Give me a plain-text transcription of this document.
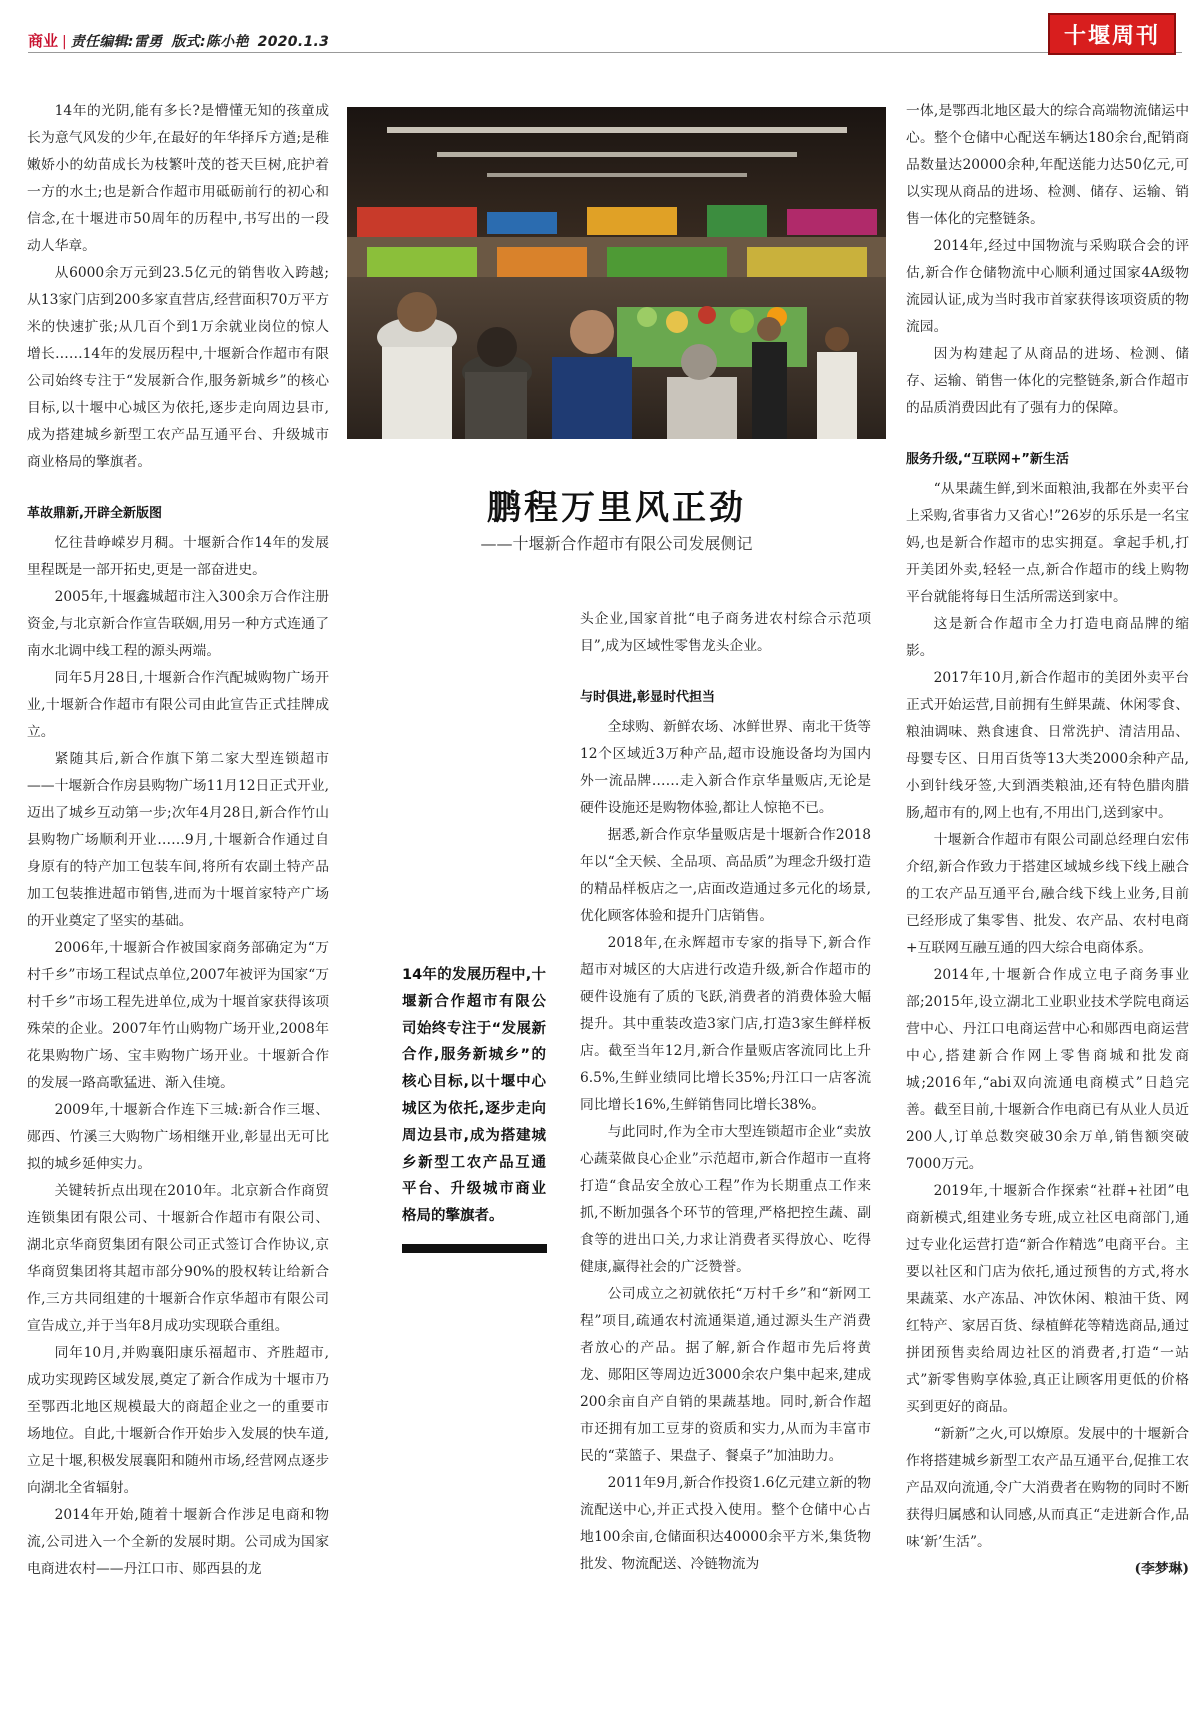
商业 | 责任编辑:雷勇 版式:陈小艳 2020.1.3	十堰周刊

14年的光阴,能有多长?是懵懂无知的孩童成长为意气风发的少年,在最好的年华择斥方遒;是稚嫩娇小的幼苗成长为枝繁叶茂的苍天巨树,庇护着一方的水土;也是新合作超市用砥砺前行的初心和信念,在十堰进市50周年的历程中,书写出的一段动人华章。

从6000余万元到23.5亿元的销售收入跨越;从13家门店到200多家直营店,经营面积70万平方米的快速扩张;从几百个到1万余就业岗位的惊人增长……14年的发展历程中,十堰新合作超市有限公司始终专注于“发展新合作,服务新城乡”的核心目标,以十堰中心城区为依托,逐步走向周边县市,成为搭建城乡新型工农产品互通平台、升级城市商业格局的擎旗者。

革故鼎新,开辟全新版图

忆往昔峥嵘岁月稠。十堰新合作14年的发展里程既是一部开拓史,更是一部奋进史。

2005年,十堰鑫城超市注入300余万合作注册资金,与北京新合作宣告联姻,用另一种方式连通了南水北调中线工程的源头两端。

同年5月28日,十堰新合作汽配城购物广场开业,十堰新合作超市有限公司由此宣告正式挂牌成立。

紧随其后,新合作旗下第二家大型连锁超市——十堰新合作房县购物广场11月12日正式开业,迈出了城乡互动第一步;次年4月28日,新合作竹山县购物广场顺利开业……9月,十堰新合作通过自身原有的特产加工包装车间,将所有农副土特产品加工包装推进超市销售,进而为十堰首家特产广场的开业奠定了坚实的基础。

2006年,十堰新合作被国家商务部确定为“万村千乡”市场工程试点单位,2007年被评为国家“万村千乡”市场工程先进单位,成为十堰首家获得该项殊荣的企业。2007年竹山购物广场开业,2008年花果购物广场、宝丰购物广场开业。十堰新合作的发展一路高歌猛进、渐入佳境。

2009年,十堰新合作连下三城:新合作三堰、郧西、竹溪三大购物广场相继开业,彰显出无可比拟的城乡延伸实力。

关键转折点出现在2010年。北京新合作商贸连锁集团有限公司、十堰新合作超市有限公司、湖北京华商贸集团有限公司正式签订合作协议,京华商贸集团将其超市部分90%的股权转让给新合作,三方共同组建的十堰新合作京华超市有限公司宣告成立,并于当年8月成功实现联合重组。

同年10月,并购襄阳康乐福超市、齐胜超市,成功实现跨区域发展,奠定了新合作成为十堰市乃至鄂西北地区规模最大的商超企业之一的重要市场地位。自此,十堰新合作开始步入发展的快车道,立足十堰,积极发展襄阳和随州市场,经营网点逐步向湖北全省辐射。

2014年开始,随着十堰新合作涉足电商和物流,公司进入一个全新的发展时期。公司成为国家电商进农村——丹江口市、郧西县的龙

鹏程万里风正劲
——十堰新合作超市有限公司发展侧记
14年的发展历程中,十堰新合作超市有限公司始终专注于“发展新合作,服务新城乡”的核心目标,以十堰中心城区为依托,逐步走向周边县市,成为搭建城乡新型工农产品互通平台、升级城市商业格局的擎旗者。

头企业,国家首批“电子商务进农村综合示范项目”,成为区域性零售龙头企业。

与时俱进,彰显时代担当

全球购、新鲜农场、冰鲜世界、南北干货等12个区域近3万种产品,超市设施设备均为国内外一流品牌……走入新合作京华量贩店,无论是硬件设施还是购物体验,都让人惊艳不已。

据悉,新合作京华量贩店是十堰新合作2018年以“全天候、全品项、高品质”为理念升级打造的精品样板店之一,店面改造通过多元化的场景,优化顾客体验和提升门店销售。

2018年,在永辉超市专家的指导下,新合作超市对城区的大店进行改造升级,新合作超市的硬件设施有了质的飞跃,消费者的消费体验大幅提升。其中重装改造3家门店,打造3家生鲜样板店。截至当年12月,新合作量贩店客流同比上升6.5%,生鲜业绩同比增长35%;丹江口一店客流同比增长16%,生鲜销售同比增长38%。

与此同时,作为全市大型连锁超市企业“卖放心蔬菜做良心企业”示范超市,新合作超市一直将打造“食品安全放心工程”作为长期重点工作来抓,不断加强各个环节的管理,严格把控生蔬、副食等的进出口关,力求让消费者买得放心、吃得健康,赢得社会的广泛赞誉。

公司成立之初就依托“万村千乡”和“新网工程”项目,疏通农村流通渠道,通过源头生产消费者放心的产品。据了解,新合作超市先后将黄龙、郧阳区等周边近3000余农户集中起来,建成200余亩自产自销的果蔬基地。同时,新合作超市还拥有加工豆芽的资质和实力,从而为丰富市民的“菜篮子、果盘子、餐桌子”加油助力。

2011年9月,新合作投资1.6亿元建立新的物流配送中心,并正式投入使用。整个仓储中心占地100余亩,仓储面积达40000余平方米,集货物批发、物流配送、冷链物流为

一体,是鄂西北地区最大的综合高端物流储运中心。整个仓储中心配送车辆达180余台,配销商品数量达20000余种,年配送能力达50亿元,可以实现从商品的进场、检测、储存、运输、销售一体化的完整链条。

2014年,经过中国物流与采购联合会的评估,新合作仓储物流中心顺利通过国家4A级物流园认证,成为当时我市首家获得该项资质的物流园。

因为构建起了从商品的进场、检测、储存、运输、销售一体化的完整链条,新合作超市的品质消费因此有了强有力的保障。

服务升级,“互联网+”新生活

“从果蔬生鲜,到米面粮油,我都在外卖平台上采购,省事省力又省心!”26岁的乐乐是一名宝妈,也是新合作超市的忠实拥趸。拿起手机,打开美团外卖,轻轻一点,新合作超市的线上购物平台就能将每日生活所需送到家中。

这是新合作超市全力打造电商品牌的缩影。

2017年10月,新合作超市的美团外卖平台正式开始运营,目前拥有生鲜果蔬、休闲零食、粮油调味、熟食速食、日常洗护、清洁用品、母婴专区、日用百货等13大类2000余种产品,小到针线牙签,大到酒类粮油,还有特色腊肉腊肠,超市有的,网上也有,不用出门,送到家中。

十堰新合作超市有限公司副总经理白宏伟介绍,新合作致力于搭建区域城乡线下线上融合的工农产品互通平台,融合线下线上业务,目前已经形成了集零售、批发、农产品、农村电商+互联网互融互通的四大综合电商体系。

2014年,十堰新合作成立电子商务事业部;2015年,设立湖北工业职业技术学院电商运营中心、丹江口电商运营中心和郧西电商运营中心,搭建新合作网上零售商城和批发商城;2016年,“abi双向流通电商模式”日趋完善。截至目前,十堰新合作电商已有从业人员近200人,订单总数突破30余万单,销售额突破7000万元。

2019年,十堰新合作探索“社群+社团”电商新模式,组建业务专班,成立社区电商部门,通过专业化运营打造“新合作精选”电商平台。主要以社区和门店为依托,通过预售的方式,将水果蔬菜、水产冻品、冲饮休闲、粮油干货、网红特产、家居百货、绿植鲜花等精选商品,通过拼团预售卖给周边社区的消费者,打造“一站式”新零售购享体验,真正让顾客用更低的价格买到更好的商品。

“新新”之火,可以燎原。发展中的十堰新合作将搭建城乡新型工农产品互通平台,促推工农产品双向流通,令广大消费者在购物的同时不断获得归属感和认同感,从而真正“走进新合作,品味‘新’生活”。

(李梦琳)
